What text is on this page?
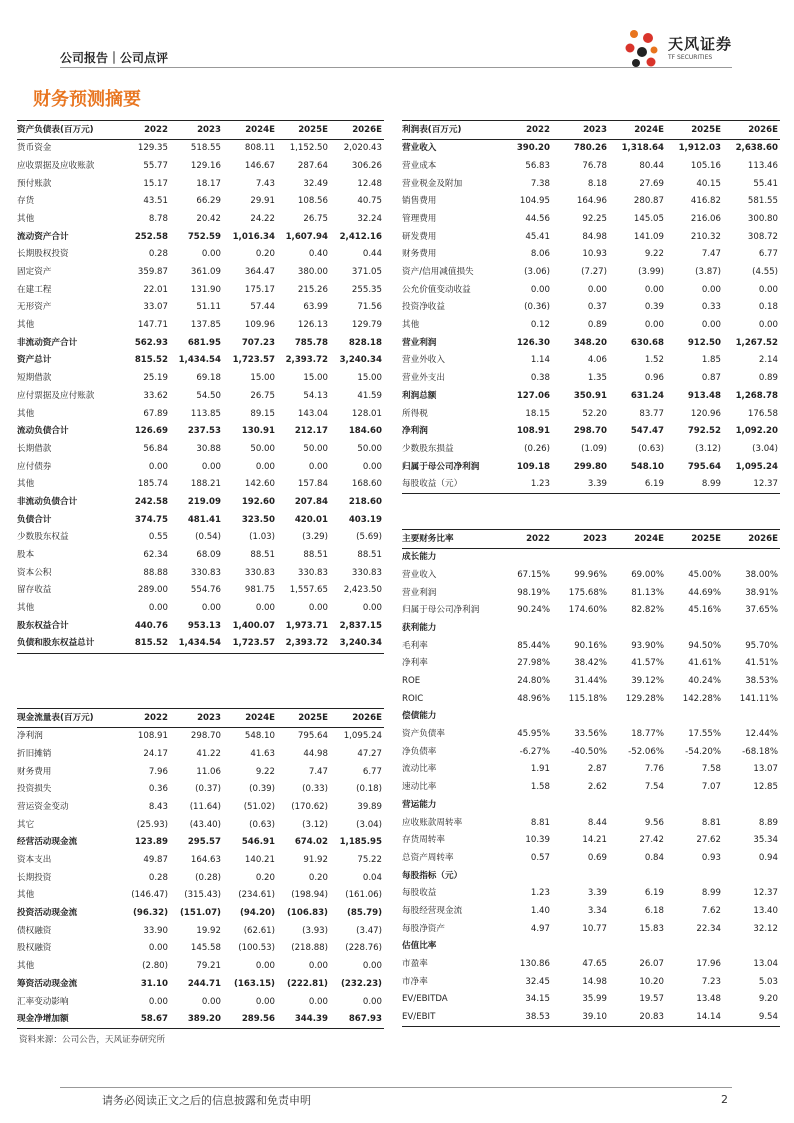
公司报告｜公司点评
天风证券
TF SECURITIES
财务预测摘要
资产负债表(百万元)	2022	2023	2024E	2025E	2026E
货币资金	129.35	518.55	808.11	1,152.50	2,020.43
应收票据及应收账款	55.77	129.16	146.67	287.64	306.26
预付账款	15.17	18.17	7.43	32.49	12.48
存货	43.51	66.29	29.91	108.56	40.75
其他	8.78	20.42	24.22	26.75	32.24
流动资产合计	252.58	752.59	1,016.34	1,607.94	2,412.16
长期股权投资	0.28	0.00	0.20	0.40	0.44
固定资产	359.87	361.09	364.47	380.00	371.05
在建工程	22.01	131.90	175.17	215.26	255.35
无形资产	33.07	51.11	57.44	63.99	71.56
其他	147.71	137.85	109.96	126.13	129.79
非流动资产合计	562.93	681.95	707.23	785.78	828.18
资产总计	815.52	1,434.54	1,723.57	2,393.72	3,240.34
短期借款	25.19	69.18	15.00	15.00	15.00
应付票据及应付账款	33.62	54.50	26.75	54.13	41.59
其他	67.89	113.85	89.15	143.04	128.01
流动负债合计	126.69	237.53	130.91	212.17	184.60
长期借款	56.84	30.88	50.00	50.00	50.00
应付债券	0.00	0.00	0.00	0.00	0.00
其他	185.74	188.21	142.60	157.84	168.60
非流动负债合计	242.58	219.09	192.60	207.84	218.60
负债合计	374.75	481.41	323.50	420.01	403.19
少数股东权益	0.55	(0.54)	(1.03)	(3.29)	(5.69)
股本	62.34	68.09	88.51	88.51	88.51
资本公积	88.88	330.83	330.83	330.83	330.83
留存收益	289.00	554.76	981.75	1,557.65	2,423.50
其他	0.00	0.00	0.00	0.00	0.00
股东权益合计	440.76	953.13	1,400.07	1,973.71	2,837.15
负债和股东权益总计	815.52	1,434.54	1,723.57	2,393.72	3,240.34
利润表(百万元)	2022	2023	2024E	2025E	2026E
营业收入	390.20	780.26	1,318.64	1,912.03	2,638.60
营业成本	56.83	76.78	80.44	105.16	113.46
营业税金及附加	7.38	8.18	27.69	40.15	55.41
销售费用	104.95	164.96	280.87	416.82	581.55
管理费用	44.56	92.25	145.05	216.06	300.80
研发费用	45.41	84.98	141.09	210.32	308.72
财务费用	8.06	10.93	9.22	7.47	6.77
资产/信用减值损失	(3.06)	(7.27)	(3.99)	(3.87)	(4.55)
公允价值变动收益	0.00	0.00	0.00	0.00	0.00
投资净收益	(0.36)	0.37	0.39	0.33	0.18
其他	0.12	0.89	0.00	0.00	0.00
营业利润	126.30	348.20	630.68	912.50	1,267.52
营业外收入	1.14	4.06	1.52	1.85	2.14
营业外支出	0.38	1.35	0.96	0.87	0.89
利润总额	127.06	350.91	631.24	913.48	1,268.78
所得税	18.15	52.20	83.77	120.96	176.58
净利润	108.91	298.70	547.47	792.52	1,092.20
少数股东损益	(0.26)	(1.09)	(0.63)	(3.12)	(3.04)
归属于母公司净利润	109.18	299.80	548.10	795.64	1,095.24
每股收益（元）	1.23	3.39	6.19	8.99	12.37
主要财务比率	2022	2023	2024E	2025E	2026E
成长能力					
营业收入	67.15%	99.96%	69.00%	45.00%	38.00%
营业利润	98.19%	175.68%	81.13%	44.69%	38.91%
归属于母公司净利润	90.24%	174.60%	82.82%	45.16%	37.65%
获利能力					
毛利率	85.44%	90.16%	93.90%	94.50%	95.70%
净利率	27.98%	38.42%	41.57%	41.61%	41.51%
ROE	24.80%	31.44%	39.12%	40.24%	38.53%
ROIC	48.96%	115.18%	129.28%	142.28%	141.11%
偿债能力					
资产负债率	45.95%	33.56%	18.77%	17.55%	12.44%
净负债率	-6.27%	-40.50%	-52.06%	-54.20%	-68.18%
流动比率	1.91	2.87	7.76	7.58	13.07
速动比率	1.58	2.62	7.54	7.07	12.85
营运能力					
应收账款周转率	8.81	8.44	9.56	8.81	8.89
存货周转率	10.39	14.21	27.42	27.62	35.34
总资产周转率	0.57	0.69	0.84	0.93	0.94
每股指标（元）					
每股收益	1.23	3.39	6.19	8.99	12.37
每股经营现金流	1.40	3.34	6.18	7.62	13.40
每股净资产	4.97	10.77	15.83	22.34	32.12
估值比率					
市盈率	130.86	47.65	26.07	17.96	13.04
市净率	32.45	14.98	10.20	7.23	5.03
EV/EBITDA	34.15	35.99	19.57	13.48	9.20
EV/EBIT	38.53	39.10	20.83	14.14	9.54
现金流量表(百万元)	2022	2023	2024E	2025E	2026E
净利润	108.91	298.70	548.10	795.64	1,095.24
折旧摊销	24.17	41.22	41.63	44.98	47.27
财务费用	7.96	11.06	9.22	7.47	6.77
投资损失	0.36	(0.37)	(0.39)	(0.33)	(0.18)
营运资金变动	8.43	(11.64)	(51.02)	(170.62)	39.89
其它	(25.93)	(43.40)	(0.63)	(3.12)	(3.04)
经营活动现金流	123.89	295.57	546.91	674.02	1,185.95
资本支出	49.87	164.63	140.21	91.92	75.22
长期投资	0.28	(0.28)	0.20	0.20	0.04
其他	(146.47)	(315.43)	(234.61)	(198.94)	(161.06)
投资活动现金流	(96.32)	(151.07)	(94.20)	(106.83)	(85.79)
债权融资	33.90	19.92	(62.61)	(3.93)	(3.47)
股权融资	0.00	145.58	(100.53)	(218.88)	(228.76)
其他	(2.80)	79.21	0.00	0.00	0.00
筹资活动现金流	31.10	244.71	(163.15)	(222.81)	(232.23)
汇率变动影响	0.00	0.00	0.00	0.00	0.00
现金净增加额	58.67	389.20	289.56	344.39	867.93
资料来源：公司公告，天风证券研究所
请务必阅读正文之后的信息披露和免责申明	2
